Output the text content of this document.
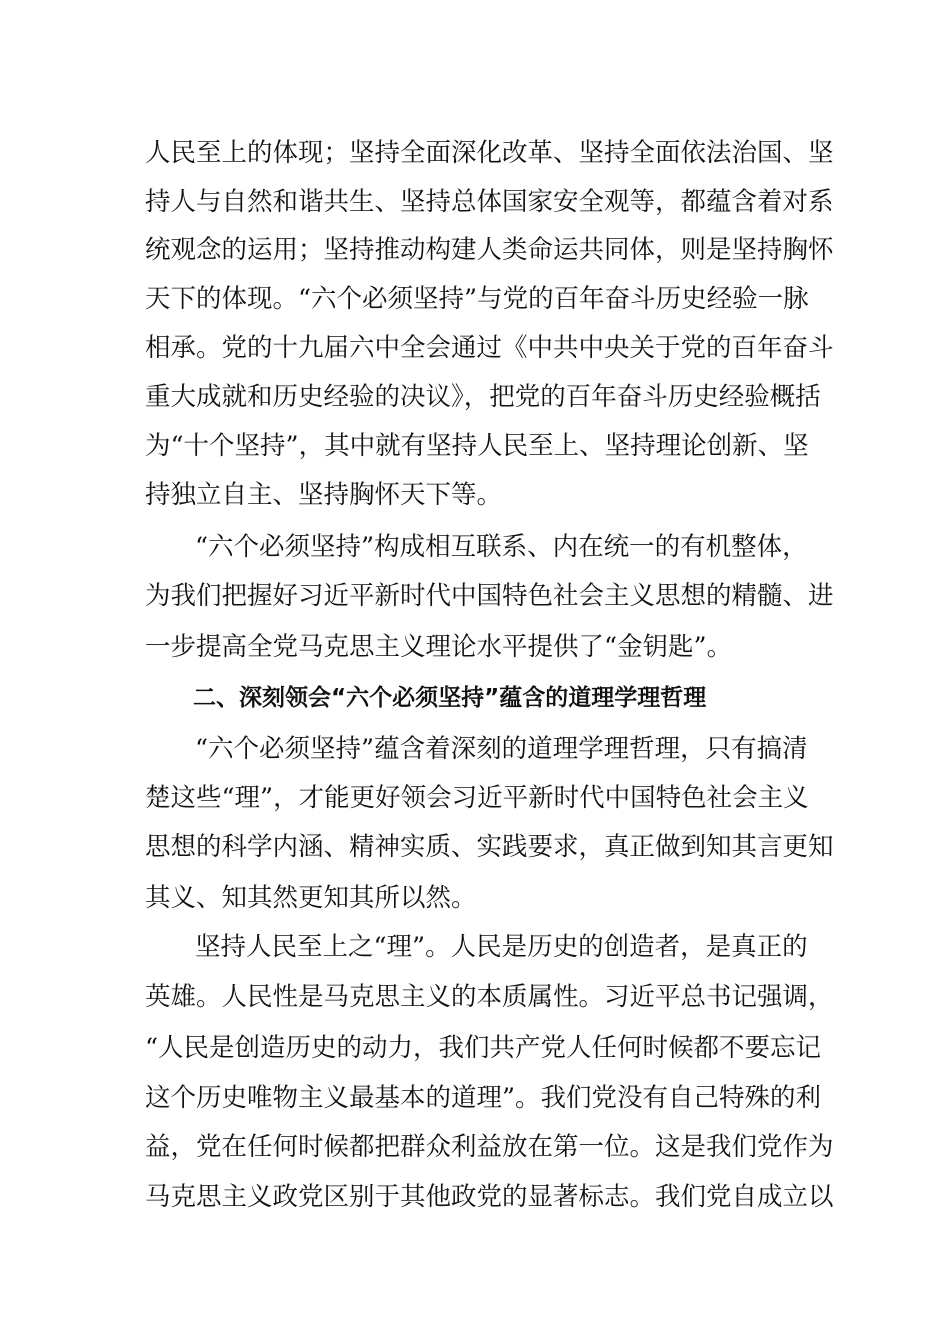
人民至上的体现；坚持全面深化改革、坚持全面依法治国、坚
持人与自然和谐共生、坚持总体国家安全观等，都蕴含着对系
统观念的运用；坚持推动构建人类命运共同体，则是坚持胸怀
天下的体现。“六个必须坚持”与党的百年奋斗历史经验一脉
相承。党的十九届六中全会通过《中共中央关于党的百年奋斗
重大成就和历史经验的决议》，把党的百年奋斗历史经验概括
为“十个坚持”，其中就有坚持人民至上、坚持理论创新、坚
持独立自主、坚持胸怀天下等。
“六个必须坚持”构成相互联系、内在统一的有机整体，
为我们把握好习近平新时代中国特色社会主义思想的精髓、进
一步提高全党马克思主义理论水平提供了“金钥匙”。
二、深刻领会“六个必须坚持”蕴含的道理学理哲理
“六个必须坚持”蕴含着深刻的道理学理哲理，只有搞清
楚这些“理”，才能更好领会习近平新时代中国特色社会主义
思想的科学内涵、精神实质、实践要求，真正做到知其言更知
其义、知其然更知其所以然。
坚持人民至上之“理”。人民是历史的创造者，是真正的
英雄。人民性是马克思主义的本质属性。习近平总书记强调，
“人民是创造历史的动力，我们共产党人任何时候都不要忘记
这个历史唯物主义最基本的道理”。我们党没有自己特殊的利
益，党在任何时候都把群众利益放在第一位。这是我们党作为
马克思主义政党区别于其他政党的显著标志。我们党自成立以
